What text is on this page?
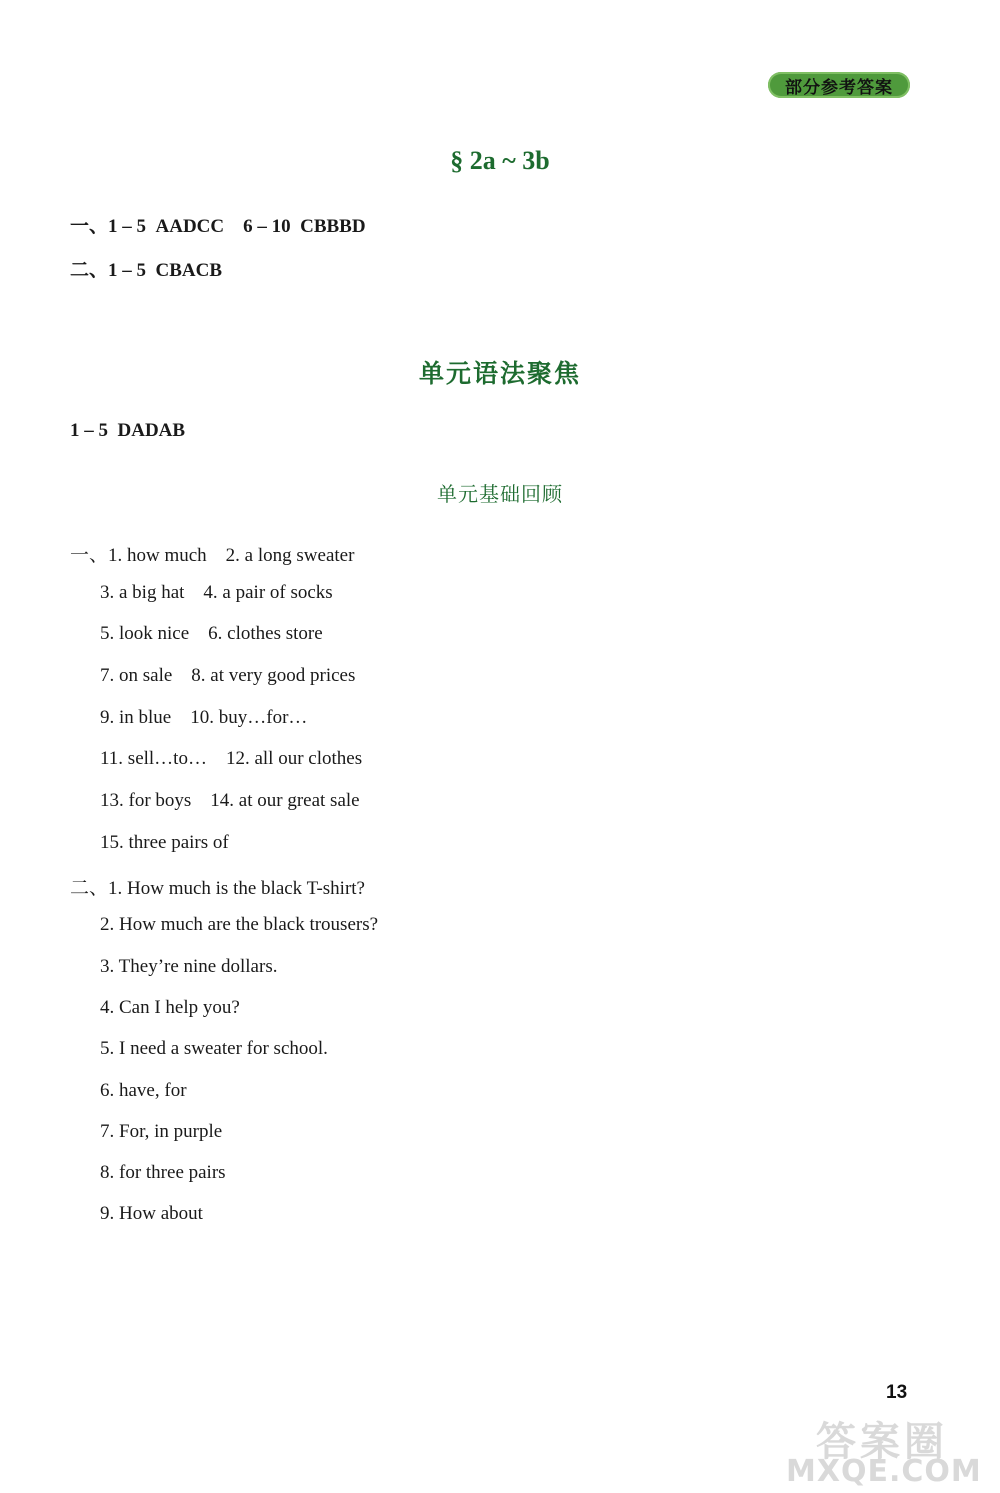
部分参考答案
§ 2a ~ 3b
一、1 – 5  AADCC    6 – 10  CBBBD
二、1 – 5  CBACB
单元语法聚焦
1 – 5  DADAB
单元基础回顾
一、1. how much    2. a long sweater
3. a big hat    4. a pair of socks
5. look nice    6. clothes store
7. on sale    8. at very good prices
9. in blue    10. buy…for…
11. sell…to…    12. all our clothes
13. for boys    14. at our great sale
15. three pairs of
二、1. How much is the black T-shirt?
2. How much are the black trousers?
3. They’re nine dollars.
4. Can I help you?
5. I need a sweater for school.
6. have, for
7. For, in purple
8. for three pairs
9. How about
13
答案圈
MXQE.COM
